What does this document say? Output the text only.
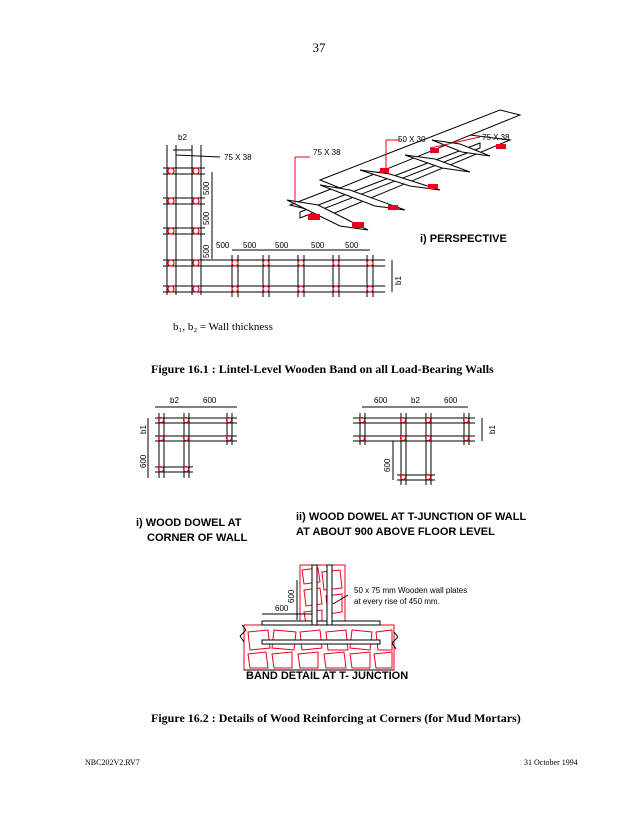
37
b2
75 X 38
500
500
500 500 500 500	500	500
b1
75 X 38
50 X 30	75 X 38
i) PERSPECTIVE
b₁, b₂ = Wall thickness
Figure 16.1 : Lintel-Level Wooden Band on all Load-Bearing Walls
b2	600
b1
600
600	b2	600
b1
600
600
600
50 x 75 mm Wooden wall plates
at every rise of 450 mm.
i) WOOD DOWEL AT
CORNER OF WALL
ii) WOOD DOWEL AT T-JUNCTION OF WALL
AT ABOUT 900 ABOVE FLOOR LEVEL
BAND DETAIL AT T- JUNCTION
Figure 16.2 : Details of Wood Reinforcing at Corners (for Mud Mortars)
NBC202V2.RV7	31 October 1994
